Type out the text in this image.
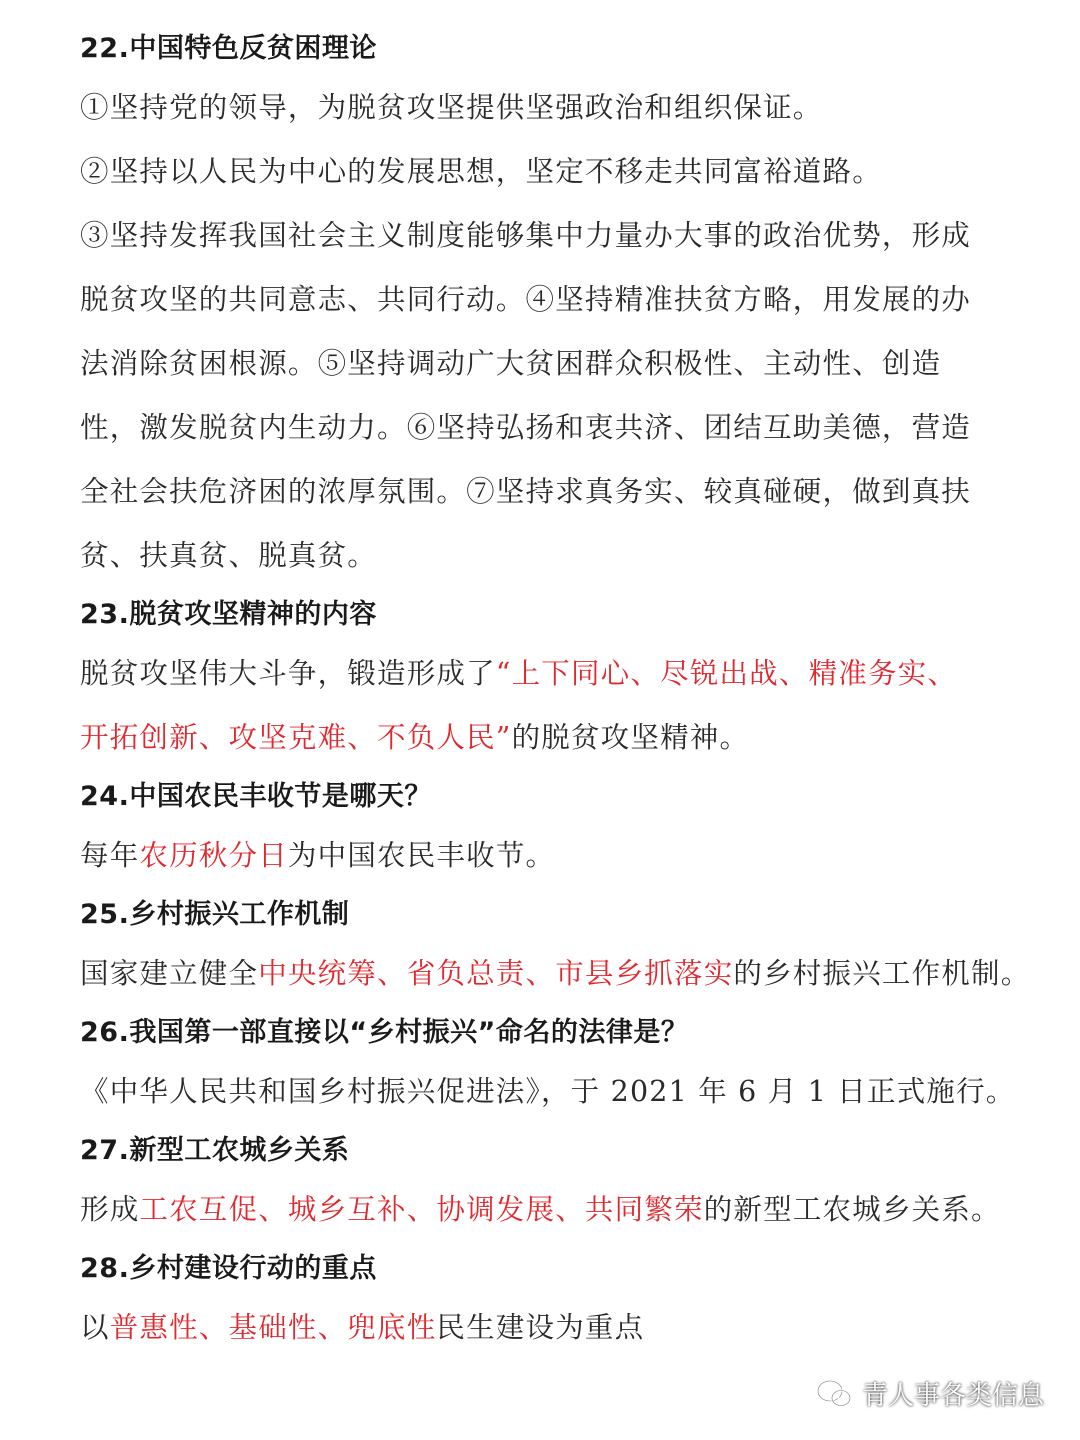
22.中国特色反贫困理论
①坚持党的领导，为脱贫攻坚提供坚强政治和组织保证。
②坚持以人民为中心的发展思想，坚定不移走共同富裕道路。
③坚持发挥我国社会主义制度能够集中力量办大事的政治优势，形成脱贫攻坚的共同意志、共同行动。④坚持精准扶贫方略，用发展的办法消除贫困根源。⑤坚持调动广大贫困群众积极性、主动性、创造性，激发脱贫内生动力。⑥坚持弘扬和衷共济、团结互助美德，营造全社会扶危济困的浓厚氛围。⑦坚持求真务实、较真碰硬，做到真扶贫、扶真贫、脱真贫。
23.脱贫攻坚精神的内容
脱贫攻坚伟大斗争，锻造形成了“上下同心、尽锐出战、精准务实、开拓创新、攻坚克难、不负人民”的脱贫攻坚精神。
24.中国农民丰收节是哪天？
每年农历秋分日为中国农民丰收节。
25.乡村振兴工作机制
国家建立健全中央统筹、省负总责、市县乡抓落实的乡村振兴工作机制。
26.我国第一部直接以“乡村振兴”命名的法律是？
《中华人民共和国乡村振兴促进法》，于 2021 年 6 月 1 日正式施行。
27.新型工农城乡关系
形成工农互促、城乡互补、协调发展、共同繁荣的新型工农城乡关系。
28.乡村建设行动的重点
以普惠性、基础性、兜底性民生建设为重点
青人事各类信息
